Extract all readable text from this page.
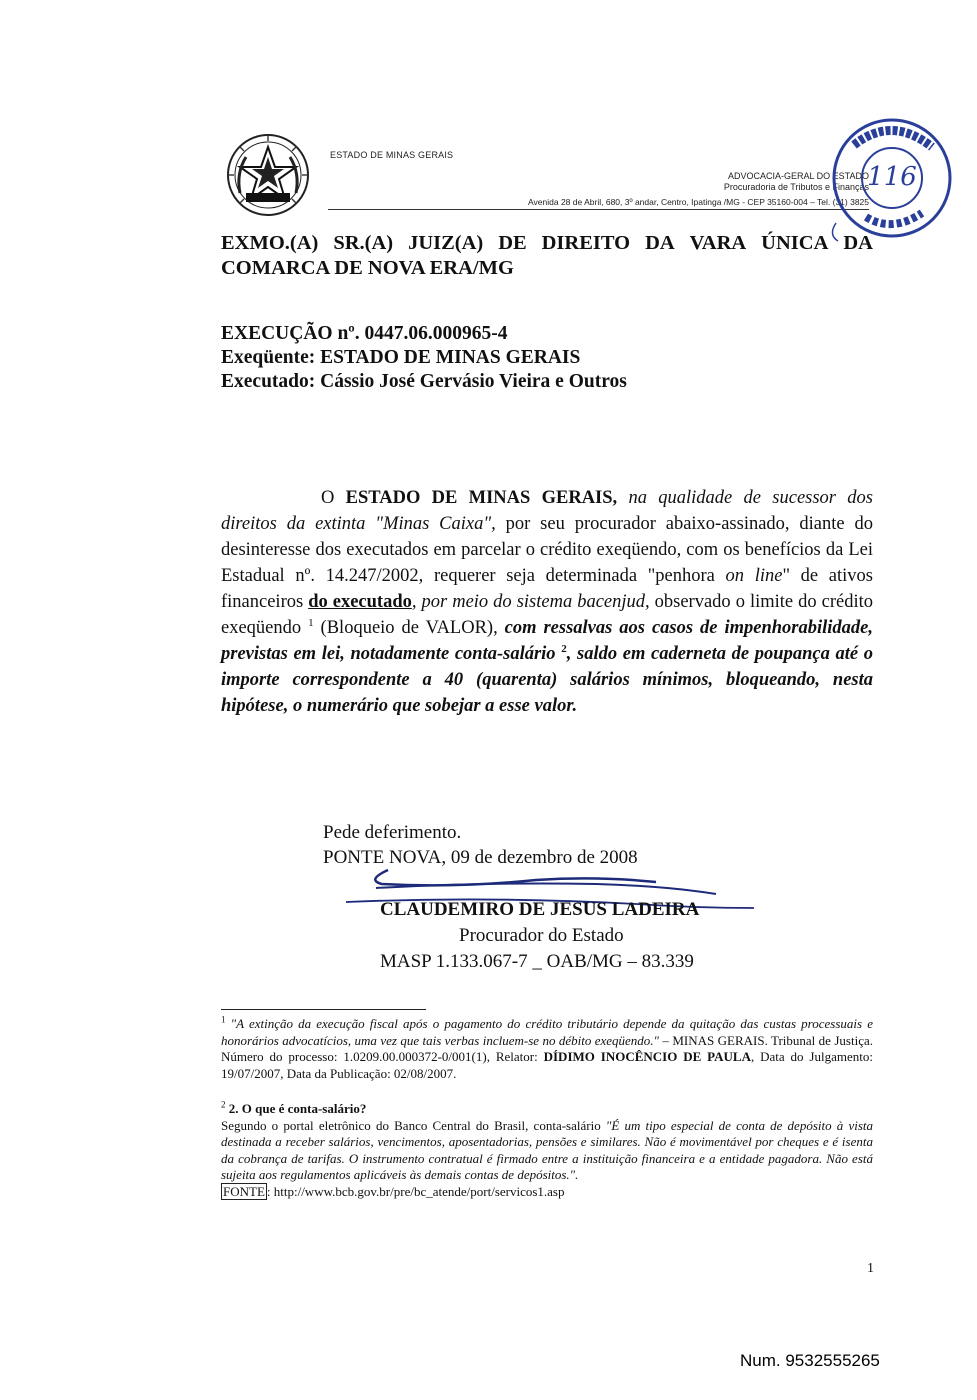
ESTADO DE MINAS GERAIS
ADVOCACIA-GERAL DO ESTADO
Procuradoria de Tributos e Finanças
Avenida 28 de Abril, 680, 3º andar, Centro, Ipatinga /MG - CEP 35160-004 – Tel. (31) 3825
116
EXMO.(A) SR.(A) JUIZ(A) DE DIREITO DA VARA ÚNICA DA
COMARCA DE NOVA ERA/MG
EXECUÇÃO nº. 0447.06.000965-4
Exeqüente: ESTADO DE MINAS GERAIS
Executado: Cássio José Gervásio Vieira e Outros

O ESTADO DE MINAS GERAIS, na qualidade de sucessor dos direitos da extinta "Minas Caixa", por seu procurador abaixo-assinado, diante do desinteresse dos executados em parcelar o crédito exeqüendo, com os benefícios da Lei Estadual nº. 14.247/2002, requerer seja determinada "penhora on line" de ativos financeiros do executado, por meio do sistema bacenjud, observado o limite do crédito exeqüendo $^1$ (Bloqueio de VALOR), com ressalvas aos casos de impenhorabilidade, previstas em lei, notadamente conta-salário $^2$, saldo em caderneta de poupança até o importe correspondente a 40 (quarenta) salários mínimos, bloqueando, nesta hipótese, o numerário que sobejar a esse valor.

Pede deferimento.
PONTE NOVA, 09 de dezembro de 2008
CLAUDEMIRO DE JESUS LADEIRA
Procurador do Estado
MASP 1.133.067-7 _ OAB/MG – 83.339

$^1$ "A extinção da execução fiscal após o pagamento do crédito tributário depende da quitação das custas processuais e honorários advocatícios, uma vez que tais verbas incluem-se no débito exeqüendo." – MINAS GERAIS. Tribunal de Justiça. Número do processo: 1.0209.00.000372-0/001(1), Relator: DÍDIMO INOCÊNCIO DE PAULA, Data do Julgamento: 19/07/2007, Data da Publicação: 02/08/2007.

$^2$ 2. O que é conta-salário?

Segundo o portal eletrônico do Banco Central do Brasil, conta-salário "É um tipo especial de conta de depósito à vista destinada a receber salários, vencimentos, aposentadorias, pensões e similares. Não é movimentável por cheques e é isenta da cobrança de tarifas. O instrumento contratual é firmado entre a instituição financeira e a entidade pagadora. Não está sujeita aos regulamentos aplicáveis às demais contas de depósitos.".

FONTE : http://www.bcb.gov.br/pre/bc_atende/port/servicos1.asp

1
Num. 9532555265
